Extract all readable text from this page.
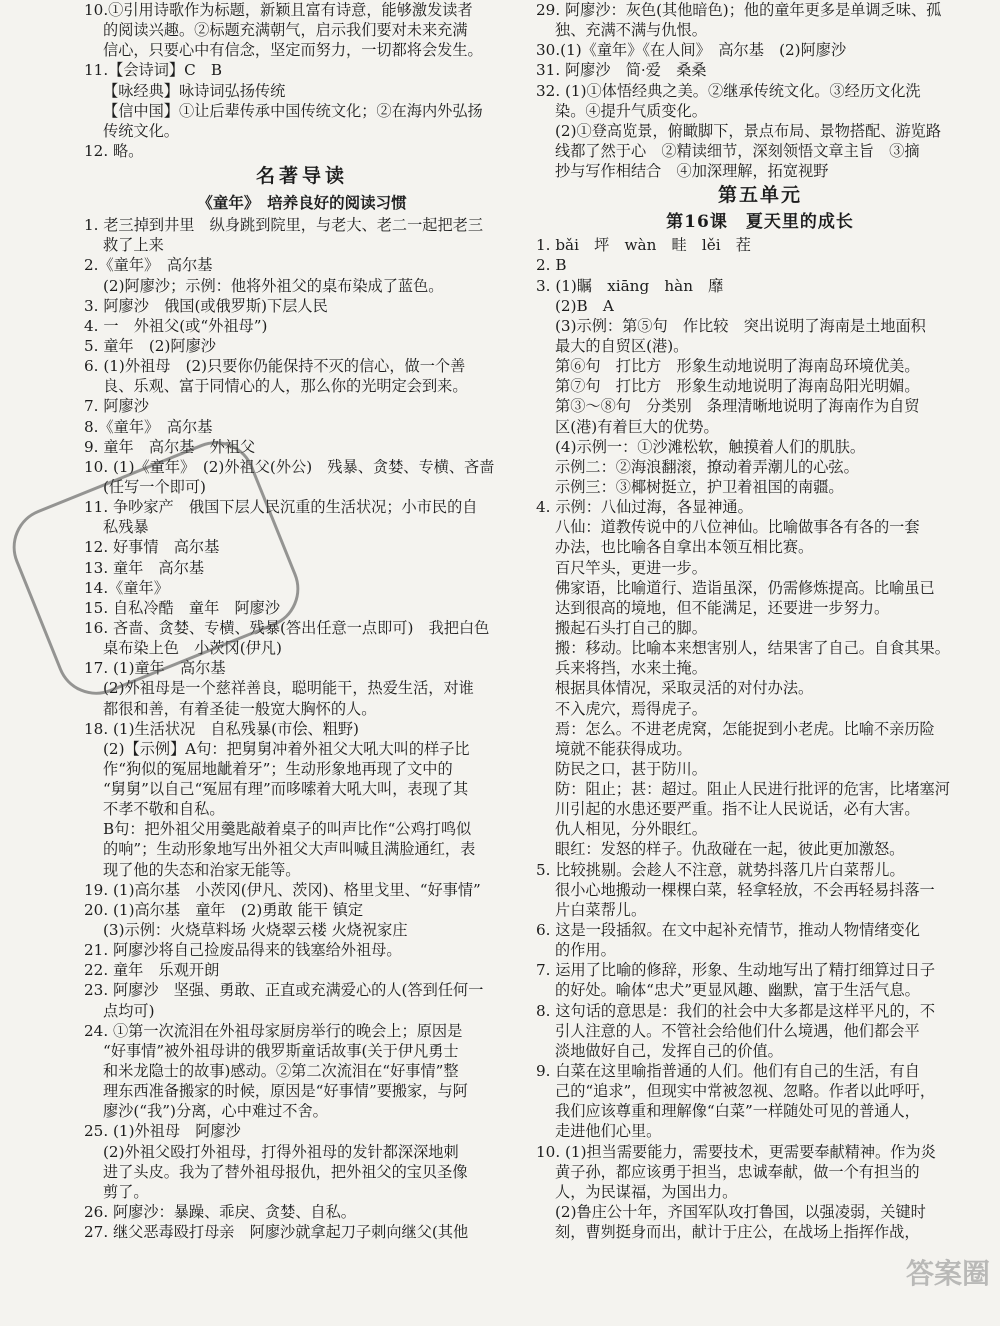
10.①引用诗歌作为标题，新颖且富有诗意，能够激发读者
的阅读兴趣。②标题充满朝气，启示我们要对未来充满
信心，只要心中有信念，坚定而努力，一切都将会发生。
11.【会诗词】C　B
【咏经典】咏诗词弘扬传统
【信中国】①让后辈传承中国传统文化；②在海内外弘扬
传统文化。
12. 略。
名著导读
《童年》　培养良好的阅读习惯
1. 老三掉到井里　纵身跳到院里，与老大、老二一起把老三
救了上来
2.《童年》　高尔基
(2)阿廖沙；示例：他将外祖父的桌布染成了蓝色。
3. 阿廖沙　俄国(或俄罗斯)下层人民
4. 一　外祖父(或“外祖母”)
5. 童年　(2)阿廖沙
6. (1)外祖母　(2)只要你仍能保持不灭的信心，做一个善
良、乐观、富于同情心的人，那么你的光明定会到来。
7. 阿廖沙
8.《童年》　高尔基
9. 童年　高尔基　外祖父
10. (1)《童年》　(2)外祖父(外公)　残暴、贪婪、专横、吝啬
(任写一个即可)
11. 争吵家产　俄国下层人民沉重的生活状况；小市民的自
私残暴
12. 好事情　高尔基
13. 童年　高尔基
14.《童年》
15. 自私冷酷　童年　阿廖沙
16. 吝啬、贪婪、专横、残暴(答出任意一点即可)　我把白色
桌布染上色　小茨冈(伊凡)
17. (1)童年　高尔基
(2)外祖母是一个慈祥善良，聪明能干，热爱生活，对谁
都很和善，有着圣徒一般宽大胸怀的人。
18. (1)生活状况　自私残暴(市侩、粗野)
(2)【示例】A句：把舅舅冲着外祖父大吼大叫的样子比
作“狗似的冤屈地龇着牙”；生动形象地再现了文中的
“舅舅”以自己“冤屈有理”而哆嗦着大吼大叫，表现了其
不孝不敬和自私。
B句：把外祖父用羹匙敲着桌子的叫声比作“公鸡打鸣似
的响”；生动形象地写出外祖父大声叫喊且满脸通红，表
现了他的失态和治家无能等。
19. (1)高尔基　小茨冈(伊凡、茨冈)、格里戈里、“好事情”
20. (1)高尔基　童年　(2)勇敢 能干 镇定
(3)示例：火烧草料场 火烧翠云楼 火烧祝家庄
21. 阿廖沙将自己捡废品得来的钱塞给外祖母。
22. 童年　乐观开朗
23. 阿廖沙　坚强、勇敢、正直或充满爱心的人(答到任何一
点均可)
24. ①第一次流泪在外祖母家厨房举行的晚会上；原因是
“好事情”被外祖母讲的俄罗斯童话故事(关于伊凡勇士
和米龙隐士的故事)感动。②第二次流泪在“好事情”整
理东西准备搬家的时候，原因是“好事情”要搬家，与阿
廖沙(“我”)分离，心中难过不舍。
25. (1)外祖母　阿廖沙
(2)外祖父殴打外祖母，打得外祖母的发针都深深地刺
进了头皮。我为了替外祖母报仇，把外祖父的宝贝圣像
剪了。
26. 阿廖沙：暴躁、乖戾、贪婪、自私。
27. 继父恶毒殴打母亲　阿廖沙就拿起刀子刺向继父(其他
29. 阿廖沙：灰色(其他暗色)；他的童年更多是单调乏味、孤
独、充满不满与仇恨。
30.(1)《童年》《在人间》　高尔基　(2)阿廖沙
31. 阿廖沙　简·爱　桑桑
32. (1)①体悟经典之美。②继承传统文化。③经历文化洗
染。④提升气质变化。
(2)①登高览景，俯瞰脚下，景点布局、景物搭配、游览路
线都了然于心　②精读细节，深刻领悟文章主旨　③摘
抄与写作相结合　④加深理解，拓宽视野
第五单元
第16课　夏天里的成长
1. bǎi　坪　wàn　畦　lěi　茬
2. B
3. (1)瞩　xiāng　hàn　靡
(2)B　A
(3)示例：第⑤句　作比较　突出说明了海南是土地面积
最大的自贸区(港)。
第⑥句　打比方　形象生动地说明了海南岛环境优美。
第⑦句　打比方　形象生动地说明了海南岛阳光明媚。
第③～⑧句　分类别　条理清晰地说明了海南作为自贸
区(港)有着巨大的优势。
(4)示例一：①沙滩松软，触摸着人们的肌肤。
示例二：②海浪翻滚，撩动着弄潮儿的心弦。
示例三：③椰树挺立，护卫着祖国的南疆。
4. 示例：八仙过海，各显神通。
八仙：道教传说中的八位神仙。比喻做事各有各的一套
办法，也比喻各自拿出本领互相比赛。
百尺竿头，更进一步。
佛家语，比喻道行、造诣虽深，仍需修炼提高。比喻虽已
达到很高的境地，但不能满足，还要进一步努力。
搬起石头打自己的脚。
搬：移动。比喻本来想害别人，结果害了自己。自食其果。
兵来将挡，水来土掩。
根据具体情况，采取灵活的对付办法。
不入虎穴，焉得虎子。
焉：怎么。不进老虎窝，怎能捉到小老虎。比喻不亲历险
境就不能获得成功。
防民之口，甚于防川。
防：阻止；甚：超过。阻止人民进行批评的危害，比堵塞河
川引起的水患还要严重。指不让人民说话，必有大害。
仇人相见，分外眼红。
眼红：发怒的样子。仇敌碰在一起，彼此更加激怒。
5. 比较挑剔。会趁人不注意，就势抖落几片白菜帮儿。
很小心地搬动一棵棵白菜，轻拿轻放，不会再轻易抖落一
片白菜帮儿。
6. 这是一段插叙。在文中起补充情节，推动人物情绪变化
的作用。
7. 运用了比喻的修辞，形象、生动地写出了精打细算过日子
的好处。喻体“忠犬”更显风趣、幽默，富于生活气息。
8. 这句话的意思是：我们的社会中大多都是这样平凡的，不
引人注意的人。不管社会给他们什么境遇，他们都会平
淡地做好自己，发挥自己的价值。
9. 白菜在这里喻指普通的人们。他们有自己的生活，有自
己的“追求”，但现实中常被忽视、忽略。作者以此呼吁，
我们应该尊重和理解像“白菜”一样随处可见的普通人，
走进他们心里。
10. (1)担当需要能力，需要技术，更需要奉献精神。作为炎
黄子孙，都应该勇于担当，忠诚奉献，做一个有担当的
人，为民谋福，为国出力。
(2)鲁庄公十年，齐国军队攻打鲁国，以强凌弱，关键时
刻，曹刿挺身而出，献计于庄公，在战场上指挥作战，
答案圈
